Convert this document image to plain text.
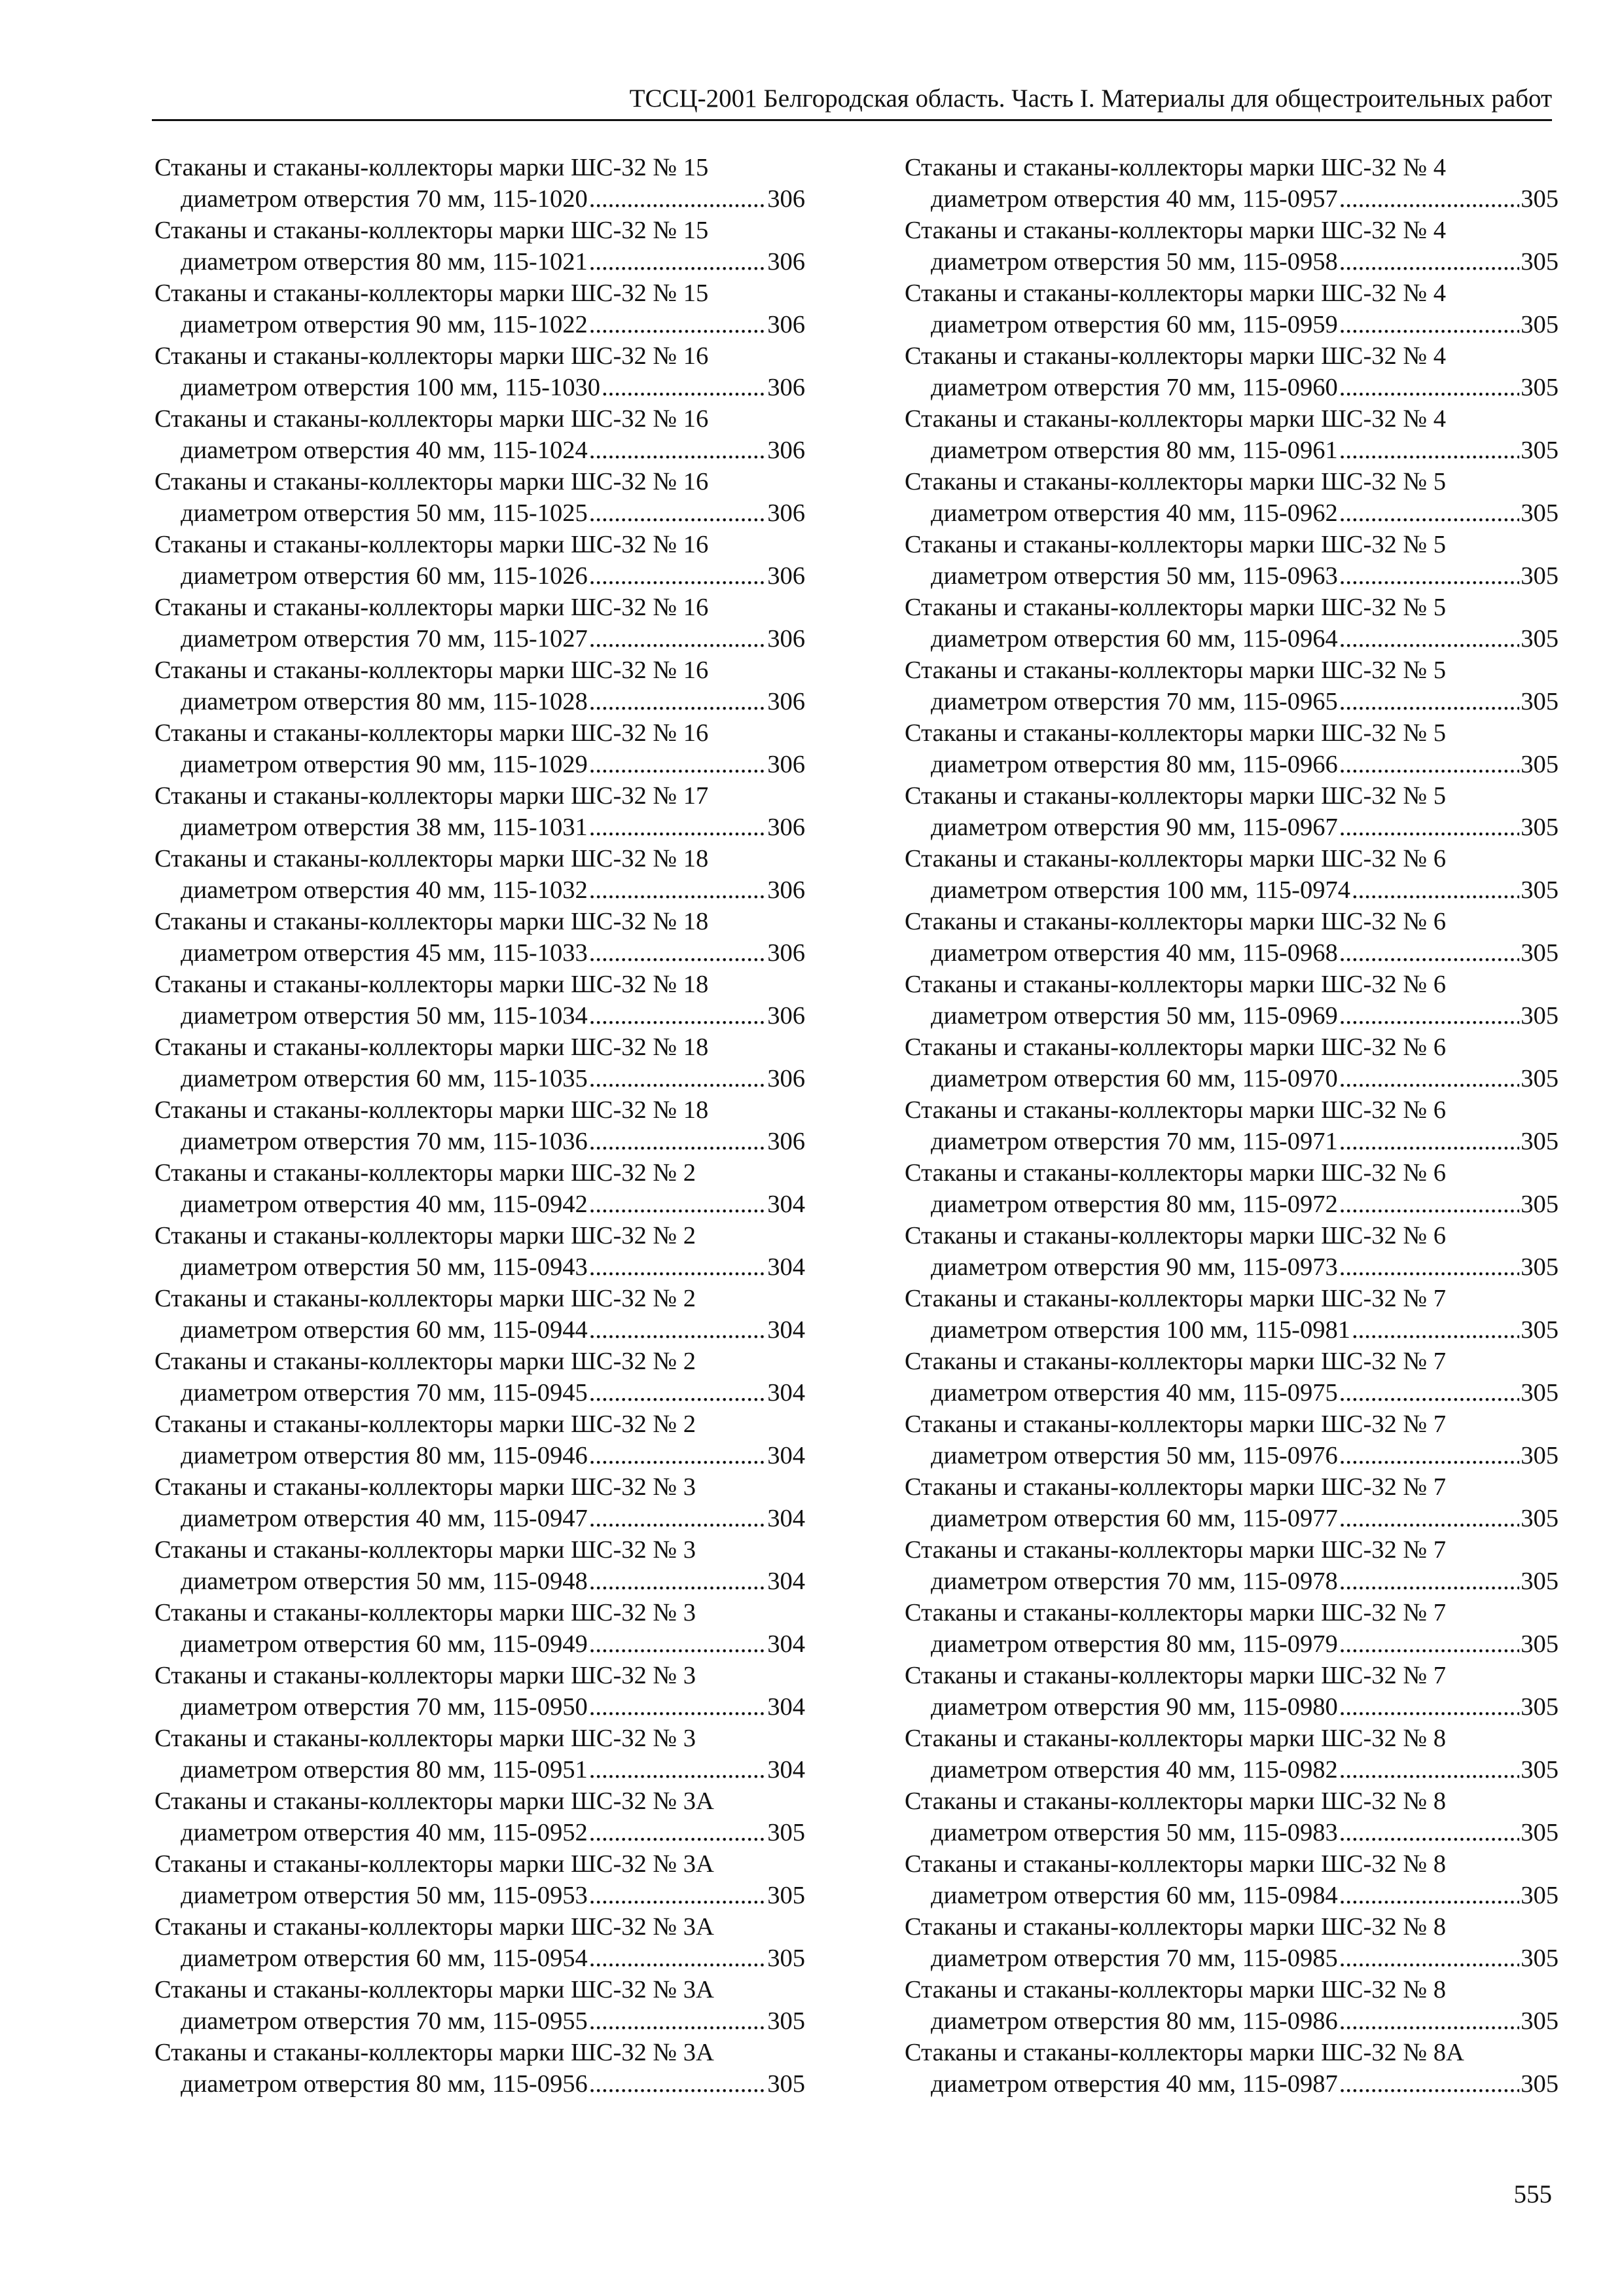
ТССЦ-2001 Белгородская область. Часть I. Материалы для общестроительных работ
Стаканы и стаканы-коллекторы марки ШС-32 № 15
диаметром отверстия 70 мм, 115-1020 .....	306
Стаканы и стаканы-коллекторы марки ШС-32 № 15
диаметром отверстия 80 мм, 115-1021 .....	306
Стаканы и стаканы-коллекторы марки ШС-32 № 15
диаметром отверстия 90 мм, 115-1022 .....	306
Стаканы и стаканы-коллекторы марки ШС-32 № 16
диаметром отверстия 100 мм, 115-1030 .....	306
Стаканы и стаканы-коллекторы марки ШС-32 № 16
диаметром отверстия 40 мм, 115-1024 .....	306
Стаканы и стаканы-коллекторы марки ШС-32 № 16
диаметром отверстия 50 мм, 115-1025 .....	306
Стаканы и стаканы-коллекторы марки ШС-32 № 16
диаметром отверстия 60 мм, 115-1026 .....	306
Стаканы и стаканы-коллекторы марки ШС-32 № 16
диаметром отверстия 70 мм, 115-1027 .....	306
Стаканы и стаканы-коллекторы марки ШС-32 № 16
диаметром отверстия 80 мм, 115-1028 .....	306
Стаканы и стаканы-коллекторы марки ШС-32 № 16
диаметром отверстия 90 мм, 115-1029 .....	306
Стаканы и стаканы-коллекторы марки ШС-32 № 17
диаметром отверстия 38 мм, 115-1031 .....	306
Стаканы и стаканы-коллекторы марки ШС-32 № 18
диаметром отверстия 40 мм, 115-1032 .....	306
Стаканы и стаканы-коллекторы марки ШС-32 № 18
диаметром отверстия 45 мм, 115-1033 .....	306
Стаканы и стаканы-коллекторы марки ШС-32 № 18
диаметром отверстия 50 мм, 115-1034 .....	306
Стаканы и стаканы-коллекторы марки ШС-32 № 18
диаметром отверстия 60 мм, 115-1035 .....	306
Стаканы и стаканы-коллекторы марки ШС-32 № 18
диаметром отверстия 70 мм, 115-1036 .....	306
Стаканы и стаканы-коллекторы марки ШС-32 № 2
диаметром отверстия 40 мм, 115-0942 .....	304
Стаканы и стаканы-коллекторы марки ШС-32 № 2
диаметром отверстия 50 мм, 115-0943 .....	304
Стаканы и стаканы-коллекторы марки ШС-32 № 2
диаметром отверстия 60 мм, 115-0944 .....	304
Стаканы и стаканы-коллекторы марки ШС-32 № 2
диаметром отверстия 70 мм, 115-0945 .....	304
Стаканы и стаканы-коллекторы марки ШС-32 № 2
диаметром отверстия 80 мм, 115-0946 .....	304
Стаканы и стаканы-коллекторы марки ШС-32 № 3
диаметром отверстия 40 мм, 115-0947 .....	304
Стаканы и стаканы-коллекторы марки ШС-32 № 3
диаметром отверстия 50 мм, 115-0948 .....	304
Стаканы и стаканы-коллекторы марки ШС-32 № 3
диаметром отверстия 60 мм, 115-0949 .....	304
Стаканы и стаканы-коллекторы марки ШС-32 № 3
диаметром отверстия 70 мм, 115-0950 .....	304
Стаканы и стаканы-коллекторы марки ШС-32 № 3
диаметром отверстия 80 мм, 115-0951 .....	304
Стаканы и стаканы-коллекторы марки ШС-32 № 3А
диаметром отверстия 40 мм, 115-0952 .....	305
Стаканы и стаканы-коллекторы марки ШС-32 № 3А
диаметром отверстия 50 мм, 115-0953 .....	305
Стаканы и стаканы-коллекторы марки ШС-32 № 3А
диаметром отверстия 60 мм, 115-0954 .....	305
Стаканы и стаканы-коллекторы марки ШС-32 № 3А
диаметром отверстия 70 мм, 115-0955 .....	305
Стаканы и стаканы-коллекторы марки ШС-32 № 3А
диаметром отверстия 80 мм, 115-0956 .....	305
Стаканы и стаканы-коллекторы марки ШС-32 № 4
диаметром отверстия 40 мм, 115-0957 .....	305
Стаканы и стаканы-коллекторы марки ШС-32 № 4
диаметром отверстия 50 мм, 115-0958 .....	305
Стаканы и стаканы-коллекторы марки ШС-32 № 4
диаметром отверстия 60 мм, 115-0959 .....	305
Стаканы и стаканы-коллекторы марки ШС-32 № 4
диаметром отверстия 70 мм, 115-0960 .....	305
Стаканы и стаканы-коллекторы марки ШС-32 № 4
диаметром отверстия 80 мм, 115-0961 .....	305
Стаканы и стаканы-коллекторы марки ШС-32 № 5
диаметром отверстия 40 мм, 115-0962 .....	305
Стаканы и стаканы-коллекторы марки ШС-32 № 5
диаметром отверстия 50 мм, 115-0963 .....	305
Стаканы и стаканы-коллекторы марки ШС-32 № 5
диаметром отверстия 60 мм, 115-0964 .....	305
Стаканы и стаканы-коллекторы марки ШС-32 № 5
диаметром отверстия 70 мм, 115-0965 .....	305
Стаканы и стаканы-коллекторы марки ШС-32 № 5
диаметром отверстия 80 мм, 115-0966 .....	305
Стаканы и стаканы-коллекторы марки ШС-32 № 5
диаметром отверстия 90 мм, 115-0967 .....	305
Стаканы и стаканы-коллекторы марки ШС-32 № 6
диаметром отверстия 100 мм, 115-0974 .....	305
Стаканы и стаканы-коллекторы марки ШС-32 № 6
диаметром отверстия 40 мм, 115-0968 .....	305
Стаканы и стаканы-коллекторы марки ШС-32 № 6
диаметром отверстия 50 мм, 115-0969 .....	305
Стаканы и стаканы-коллекторы марки ШС-32 № 6
диаметром отверстия 60 мм, 115-0970 .....	305
Стаканы и стаканы-коллекторы марки ШС-32 № 6
диаметром отверстия 70 мм, 115-0971 .....	305
Стаканы и стаканы-коллекторы марки ШС-32 № 6
диаметром отверстия 80 мм, 115-0972 .....	305
Стаканы и стаканы-коллекторы марки ШС-32 № 6
диаметром отверстия 90 мм, 115-0973 .....	305
Стаканы и стаканы-коллекторы марки ШС-32 № 7
диаметром отверстия 100 мм, 115-0981 .....	305
Стаканы и стаканы-коллекторы марки ШС-32 № 7
диаметром отверстия 40 мм, 115-0975 .....	305
Стаканы и стаканы-коллекторы марки ШС-32 № 7
диаметром отверстия 50 мм, 115-0976 .....	305
Стаканы и стаканы-коллекторы марки ШС-32 № 7
диаметром отверстия 60 мм, 115-0977 .....	305
Стаканы и стаканы-коллекторы марки ШС-32 № 7
диаметром отверстия 70 мм, 115-0978 .....	305
Стаканы и стаканы-коллекторы марки ШС-32 № 7
диаметром отверстия 80 мм, 115-0979 .....	305
Стаканы и стаканы-коллекторы марки ШС-32 № 7
диаметром отверстия 90 мм, 115-0980 .....	305
Стаканы и стаканы-коллекторы марки ШС-32 № 8
диаметром отверстия 40 мм, 115-0982 .....	305
Стаканы и стаканы-коллекторы марки ШС-32 № 8
диаметром отверстия 50 мм, 115-0983 .....	305
Стаканы и стаканы-коллекторы марки ШС-32 № 8
диаметром отверстия 60 мм, 115-0984 .....	305
Стаканы и стаканы-коллекторы марки ШС-32 № 8
диаметром отверстия 70 мм, 115-0985 .....	305
Стаканы и стаканы-коллекторы марки ШС-32 № 8
диаметром отверстия 80 мм, 115-0986 .....	305
Стаканы и стаканы-коллекторы марки ШС-32 № 8А
диаметром отверстия 40 мм, 115-0987 .....	305
555
